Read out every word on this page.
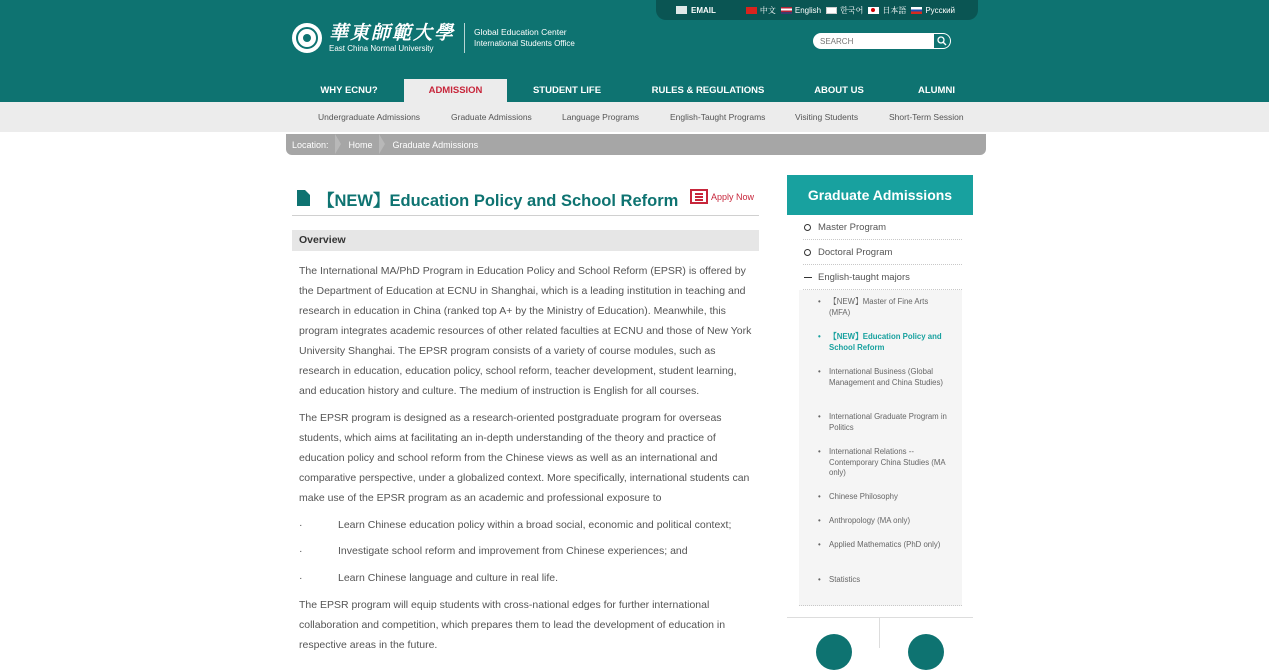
華東師範大學
East China Normal University
Global Education Center
International Students Office
EMAIL	中文 English 한국어 日本語 Русский
SEARCH
WHY ECNU?	ADMISSION	STUDENT LIFE	RULES & REGULATIONS	ABOUT US	ALUMNI
Undergraduate Admissions	Graduate Admissions	Language Programs	English-Taught Programs	Visiting Students	Short-Term Session
Location: Home Graduate Admissions
【NEW】Education Policy and School Reform	Apply Now
Overview
The International MA/PhD Program in Education Policy and School Reform (EPSR) is offered by the Department of Education at ECNU in Shanghai, which is a leading institution in teaching and research in education in China (ranked top A+ by the Ministry of Education). Meanwhile, this program integrates academic resources of other related faculties at ECNU and those of New York University Shanghai. The EPSR program consists of a variety of course modules, such as research in education, education policy, school reform, teacher development, student learning, and education history and culture. The medium of instruction is English for all courses.
The EPSR program is designed as a research-oriented postgraduate program for overseas students, which aims at facilitating an in-depth understanding of the theory and practice of education policy and school reform from the Chinese views as well as an international and comparative perspective, under a globalized context. More specifically, international students can make use of the EPSR program as an academic and professional exposure to
·	Learn Chinese education policy within a broad social, economic and political context;
·	Investigate school reform and improvement from Chinese experiences; and
·	Learn Chinese language and culture in real life.
The EPSR program will equip students with cross-national edges for further international collaboration and competition, which prepares them to lead the development of education in respective areas in the future.
Graduate Admissions
Master Program
Doctoral Program
English-taught majors
• 【NEW】Master of Fine Arts (MFA)
• 【NEW】Education Policy and School Reform
• International Business (Global Management and China Studies)
• International Graduate Program in Politics
• International Relations -- Contemporary China Studies (MA only)
• Chinese Philosophy
• Anthropology (MA only)
• Applied Mathematics (PhD only)
• Statistics
